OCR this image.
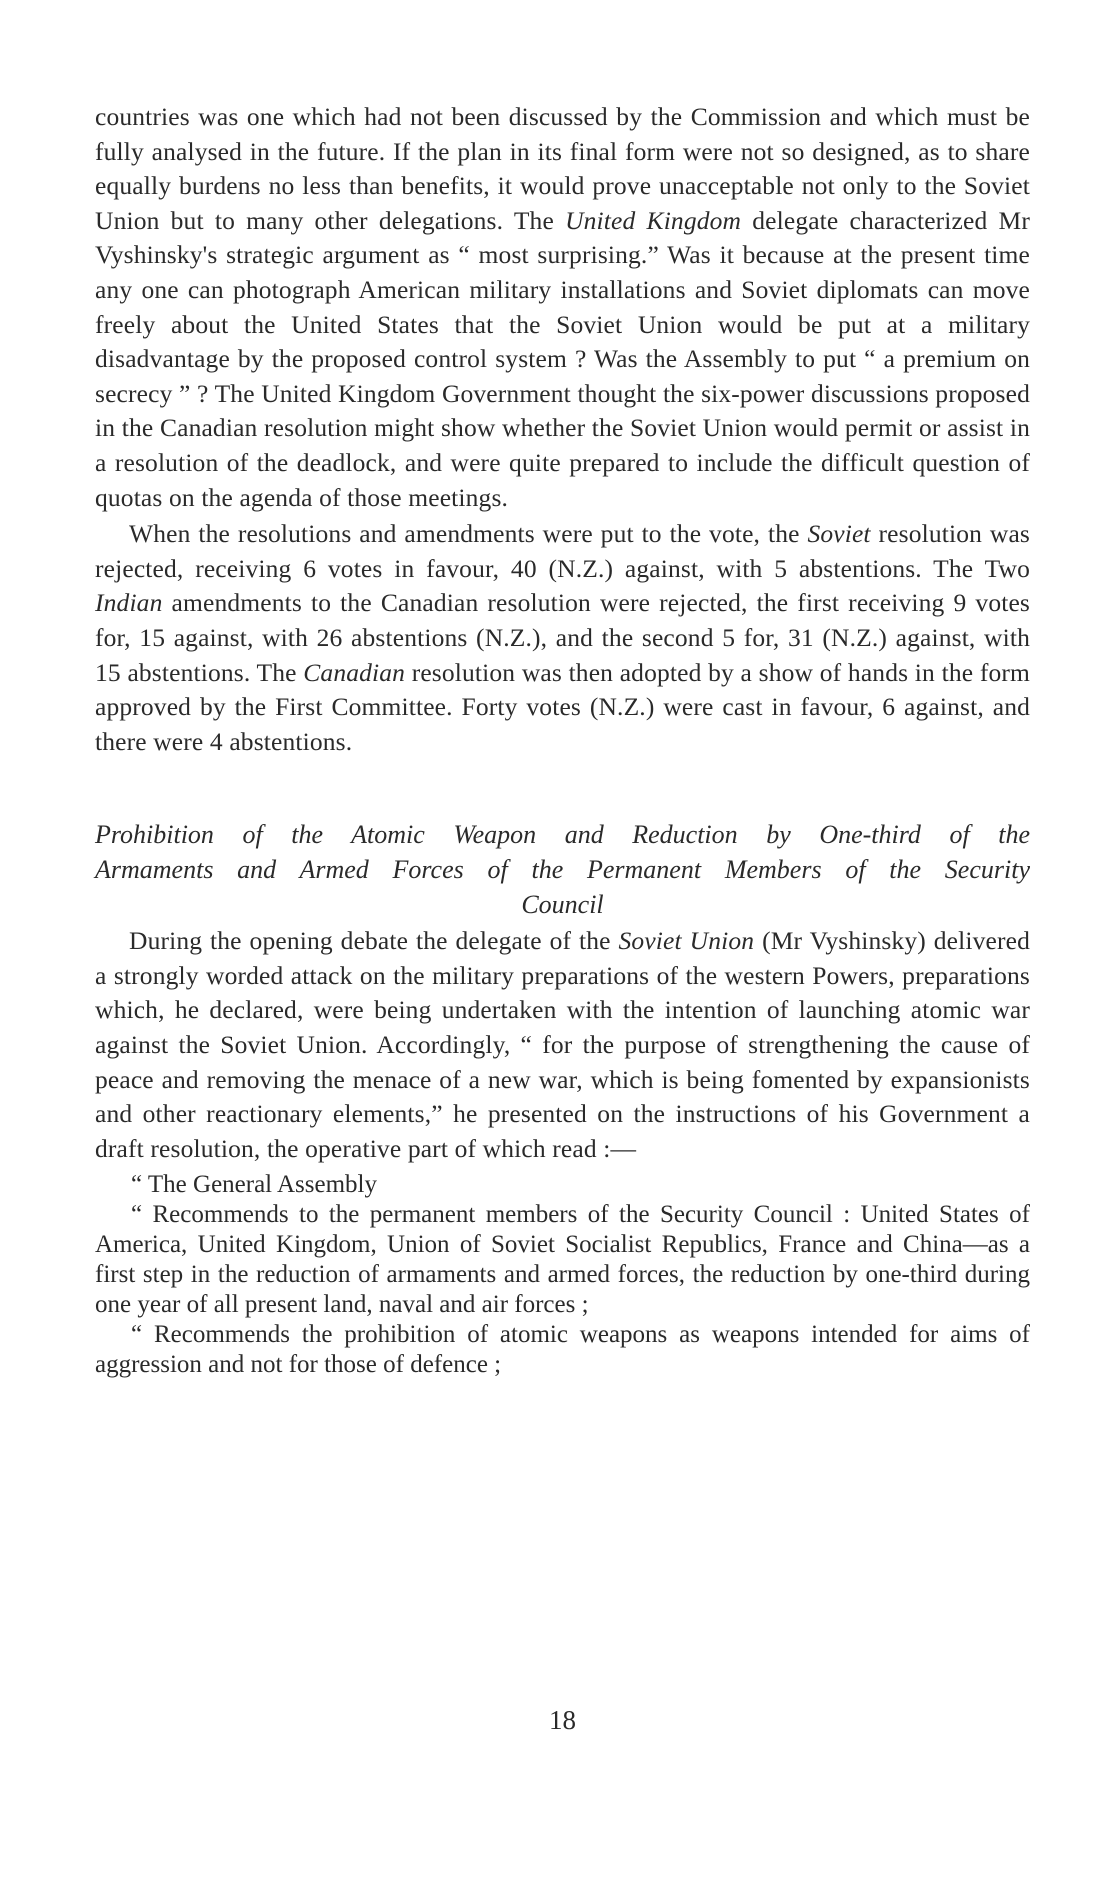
countries was one which had not been discussed by the Commission and which must be fully analysed in the future. If the plan in its final form were not so designed, as to share equally burdens no less than benefits, it would prove unacceptable not only to the Soviet Union but to many other delegations. The United Kingdom delegate characterized Mr Vyshinsky's strategic argument as “ most surprising.” Was it because at the present time any one can photograph American military installations and Soviet diplomats can move freely about the United States that the Soviet Union would be put at a military disadvantage by the proposed control system ? Was the Assembly to put “ a premium on secrecy ” ? The United Kingdom Government thought the six-power discussions proposed in the Canadian resolution might show whether the Soviet Union would permit or assist in a resolution of the deadlock, and were quite prepared to include the difficult question of quotas on the agenda of those meetings.

When the resolutions and amendments were put to the vote, the Soviet resolution was rejected, receiving 6 votes in favour, 40 (N.Z.) against, with 5 abstentions. The Two Indian amendments to the Canadian resolution were rejected, the first receiving 9 votes for, 15 against, with 26 abstentions (N.Z.), and the second 5 for, 31 (N.Z.) against, with 15 abstentions. The Canadian resolution was then adopted by a show of hands in the form approved by the First Committee. Forty votes (N.Z.) were cast in favour, 6 against, and there were 4 abstentions.

Prohibition of the Atomic Weapon and Reduction by One-third of the
Armaments and Armed Forces of the Permanent Members of the Security
Council

During the opening debate the delegate of the Soviet Union (Mr Vyshinsky) delivered a strongly worded attack on the military preparations of the western Powers, preparations which, he declared, were being undertaken with the intention of launching atomic war against the Soviet Union. Accordingly, “ for the purpose of strengthening the cause of peace and removing the menace of a new war, which is being fomented by expansionists and other reactionary elements,” he presented on the instructions of his Government a draft resolution, the operative part of which read :—

“ The General Assembly

“ Recommends to the permanent members of the Security Council : United States of America, United Kingdom, Union of Soviet Socialist Republics, France and China—as a first step in the reduction of armaments and armed forces, the reduction by one-third during one year of all present land, naval and air forces ;

“ Recommends the prohibition of atomic weapons as weapons intended for aims of aggression and not for those of defence ;

18
